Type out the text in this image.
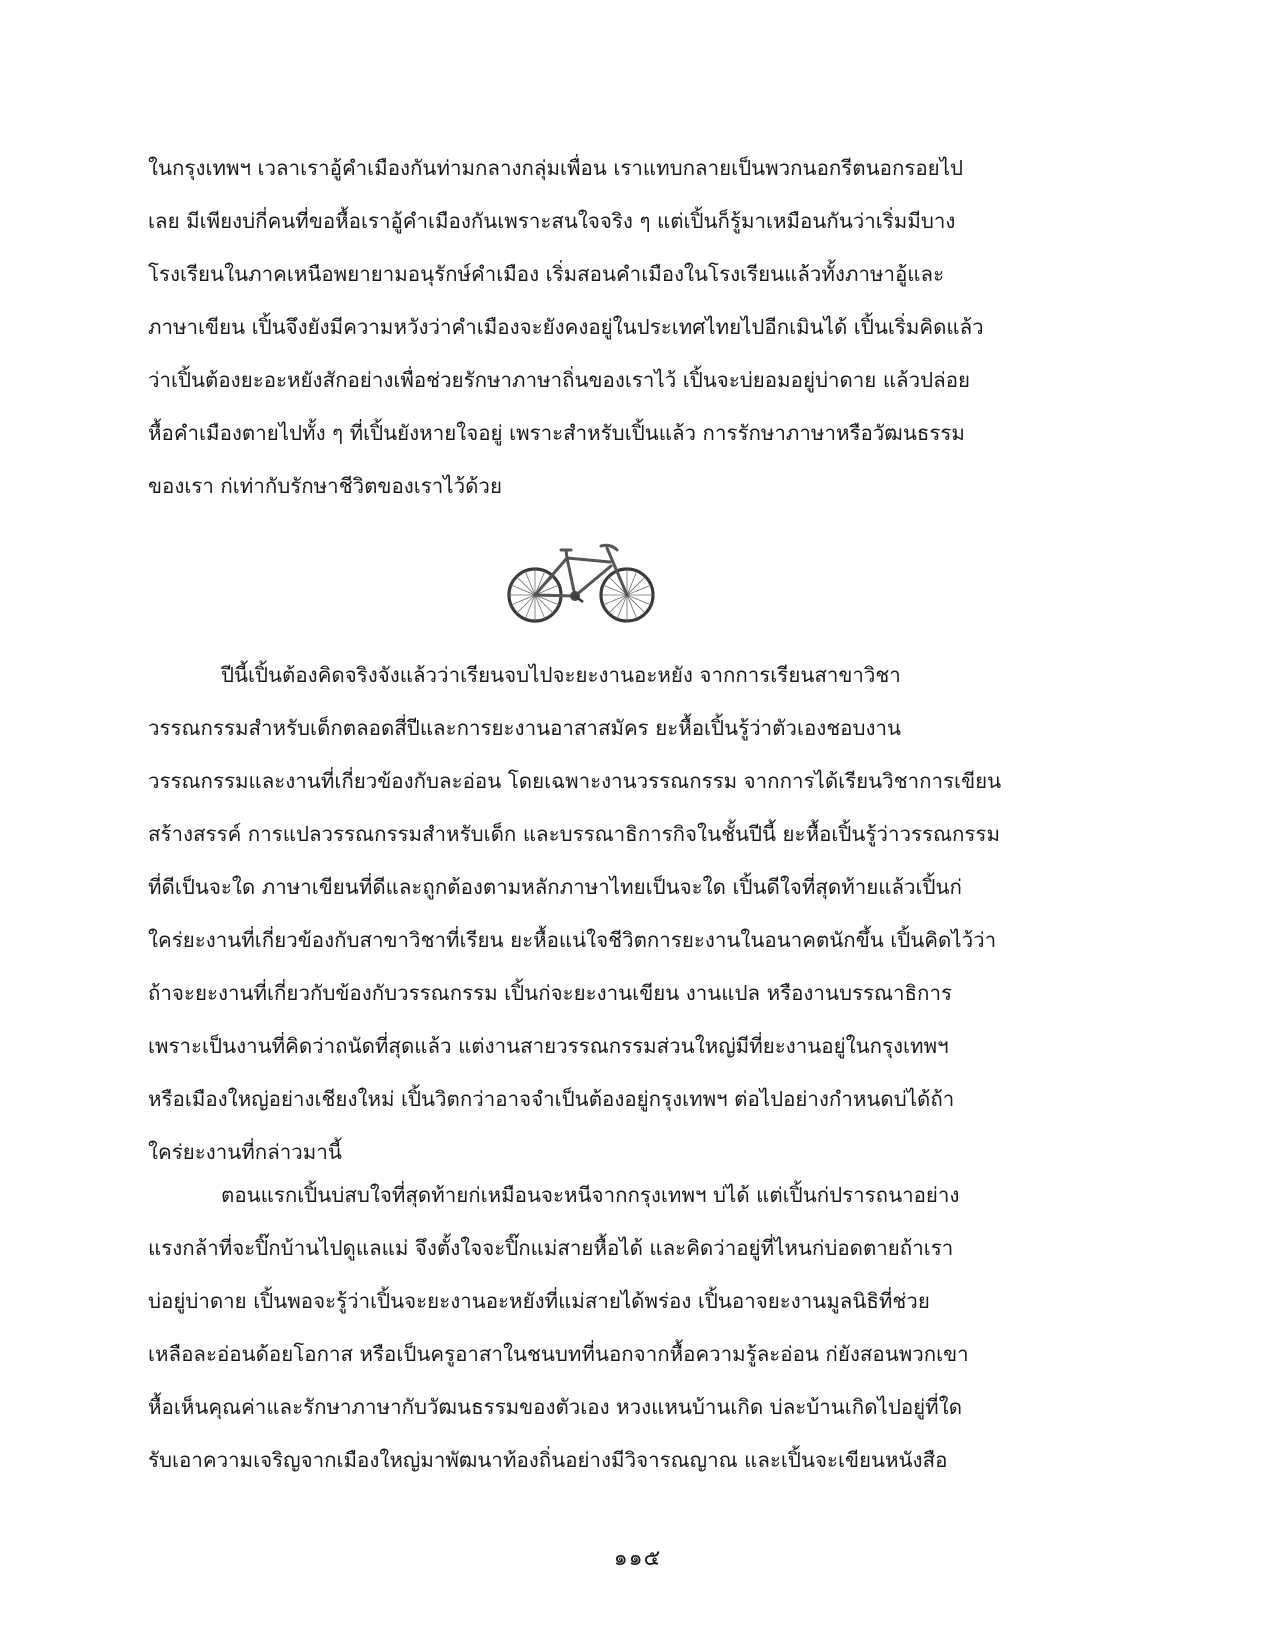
ในกรุงเทพฯ เวลาเราอู้คำเมืองกันท่ามกลางกลุ่มเพื่อน เราแทบกลายเป็นพวกนอกรีตนอกรอยไป
เลย มีเพียงบ่กี่คนที่ขอหื้อเราอู้คำเมืองกันเพราะสนใจจริง ๆ แต่เปิ้นก็รู้มาเหมือนกันว่าเริ่มมีบาง
โรงเรียนในภาคเหนือพยายามอนุรักษ์คำเมือง เริ่มสอนคำเมืองในโรงเรียนแล้วทั้งภาษาอู้และ
ภาษาเขียน เปิ้นจึงยังมีความหวังว่าคำเมืองจะยังคงอยู่ในประเทศไทยไปอีกเมินได้ เปิ้นเริ่มคิดแล้ว
ว่าเปิ้นต้องยะอะหยังสักอย่างเพื่อช่วยรักษาภาษาถิ่นของเราไว้ เปิ้นจะบ่ยอมอยู่บ่าดาย แล้วปล่อย
หื้อคำเมืองตายไปทั้ง ๆ ที่เปิ้นยังหายใจอยู่ เพราะสำหรับเปิ้นแล้ว การรักษาภาษาหรือวัฒนธรรม
ของเรา ก่เท่ากับรักษาชีวิตของเราไว้ด้วย
ปีนี้เปิ้นต้องคิดจริงจังแล้วว่าเรียนจบไปจะยะงานอะหยัง จากการเรียนสาขาวิชา
วรรณกรรมสำหรับเด็กตลอดสี่ปีและการยะงานอาสาสมัคร ยะหื้อเปิ้นรู้ว่าตัวเองชอบงาน
วรรณกรรมและงานที่เกี่ยวข้องกับละอ่อน โดยเฉพาะงานวรรณกรรม จากการได้เรียนวิชาการเขียน
สร้างสรรค์ การแปลวรรณกรรมสำหรับเด็ก และบรรณาธิการกิจในชั้นปีนี้ ยะหื้อเปิ้นรู้ว่าวรรณกรรม
ที่ดีเป็นจะใด ภาษาเขียนที่ดีและถูกต้องตามหลักภาษาไทยเป็นจะใด เปิ้นดีใจที่สุดท้ายแล้วเปิ้นก่
ใคร่ยะงานที่เกี่ยวข้องกับสาขาวิชาที่เรียน ยะหื้อแน่ใจชีวิตการยะงานในอนาคตนักขึ้น เปิ้นคิดไว้ว่า
ถ้าจะยะงานที่เกี่ยวกับข้องกับวรรณกรรม เปิ้นก่จะยะงานเขียน งานแปล หรืองานบรรณาธิการ
เพราะเป็นงานที่คิดว่าถนัดที่สุดแล้ว แต่งานสายวรรณกรรมส่วนใหญ่มีที่ยะงานอยู่ในกรุงเทพฯ
หรือเมืองใหญ่อย่างเชียงใหม่ เปิ้นวิตกว่าอาจจำเป็นต้องอยู่กรุงเทพฯ ต่อไปอย่างกำหนดบ่ได้ถ้า
ใคร่ยะงานที่กล่าวมานี้
ตอนแรกเปิ้นบ่สบใจที่สุดท้ายก่เหมือนจะหนีจากกรุงเทพฯ บ่ได้ แต่เปิ้นก่ปรารถนาอย่าง
แรงกล้าที่จะปิ๊กบ้านไปดูแลแม่ จึงตั้งใจจะปิ๊กแม่สายหื้อได้ และคิดว่าอยู่ที่ไหนก่บ่อดตายถ้าเรา
บ่อยู่บ่าดาย เปิ้นพอจะรู้ว่าเปิ้นจะยะงานอะหยังที่แม่สายได้พร่อง เปิ้นอาจยะงานมูลนิธิที่ช่วย
เหลือละอ่อนด้อยโอกาส หรือเป็นครูอาสาในชนบทที่นอกจากหื้อความรู้ละอ่อน ก่ยังสอนพวกเขา
หื้อเห็นคุณค่าและรักษาภาษากับวัฒนธรรมของตัวเอง หวงแหนบ้านเกิด บ่ละบ้านเกิดไปอยู่ที่ใด
รับเอาความเจริญจากเมืองใหญ่มาพัฒนาท้องถิ่นอย่างมีวิจารณญาณ และเปิ้นจะเขียนหนังสือ
๑๑๕
